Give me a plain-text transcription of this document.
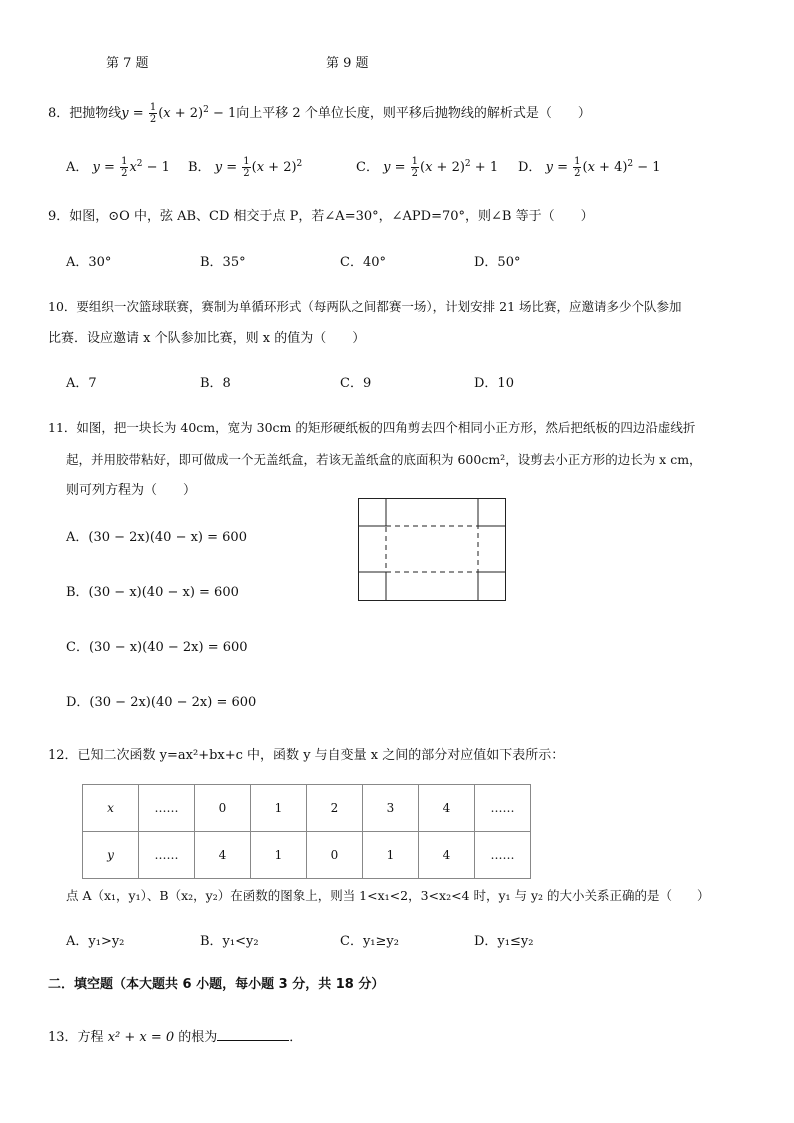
第 7 题	第 9 题
8．把抛物线$y = \frac{1}{2} (x + 2)^2 - 1$向上平移 2 个单位长度，则平移后抛物线的解析式是（　　）
A． $y = \frac{1}{2} x^2 - 1$ B． $y = \frac{1}{2} (x + 2)^2$	C． $y = \frac{1}{2} (x + 2)^2 + 1$ D． $y = \frac{1}{2} (x + 4)^2 - 1$
9．如图，⊙O 中，弦 AB、CD 相交于点 P，若∠A=30°，∠APD=70°，则∠B 等于（　　）
A．30°	B．35°	C．40°	D．50°
10．要组织一次篮球联赛，赛制为单循环形式（每两队之间都赛一场），计划安排 21 场比赛，应邀请多少个队参加
比赛．设应邀请 x 个队参加比赛，则 x 的值为（　　）
A．7	B．8	C．9	D．10
11．如图，把一块长为 40cm，宽为 30cm 的矩形硬纸板的四角剪去四个相同小正方形，然后把纸板的四边沿虚线折
起，并用胶带粘好，即可做成一个无盖纸盒，若该无盖纸盒的底面积为 600cm²，设剪去小正方形的边长为 x cm，
则可列方程为（　　）
A．(30 − 2x)(40 − x) = 600
B．(30 − x)(40 − x) = 600
C．(30 − x)(40 − 2x) = 600
D．(30 − 2x)(40 − 2x) = 600
12．已知二次函数 y=ax²+bx+c 中，函数 y 与自变量 x 之间的部分对应值如下表所示：
x	……	0	1	2	3	4	……
y	……	4	1	0	1	4	……
点 A（x₁，y₁）、B（x₂，y₂）在函数的图象上，则当 1<x₁<2，3<x₂<4 时，y₁ 与 y₂ 的大小关系正确的是（　　）
A．y₁>y₂	B．y₁<y₂	C．y₁≥y₂	D．y₁≤y₂
二．填空题（本大题共 6 小题，每小题 3 分，共 18 分）
13．方程 x² + x = 0 的根为	．
